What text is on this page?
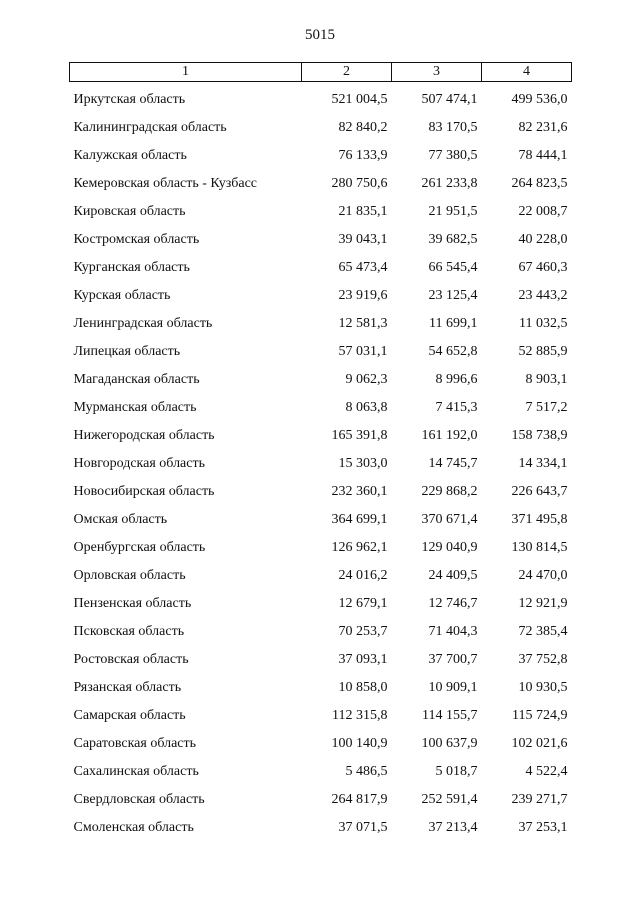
5015
1	2	3	4
Иркутская область	521 004,5	507 474,1	499 536,0
Калининградская область	82 840,2	83 170,5	82 231,6
Калужская область	76 133,9	77 380,5	78 444,1
Кемеровская область - Кузбасс	280 750,6	261 233,8	264 823,5
Кировская область	21 835,1	21 951,5	22 008,7
Костромская область	39 043,1	39 682,5	40 228,0
Курганская область	65 473,4	66 545,4	67 460,3
Курская область	23 919,6	23 125,4	23 443,2
Ленинградская область	12 581,3	11 699,1	11 032,5
Липецкая область	57 031,1	54 652,8	52 885,9
Магаданская область	9 062,3	8 996,6	8 903,1
Мурманская область	8 063,8	7 415,3	7 517,2
Нижегородская область	165 391,8	161 192,0	158 738,9
Новгородская область	15 303,0	14 745,7	14 334,1
Новосибирская область	232 360,1	229 868,2	226 643,7
Омская область	364 699,1	370 671,4	371 495,8
Оренбургская область	126 962,1	129 040,9	130 814,5
Орловская область	24 016,2	24 409,5	24 470,0
Пензенская область	12 679,1	12 746,7	12 921,9
Псковская область	70 253,7	71 404,3	72 385,4
Ростовская область	37 093,1	37 700,7	37 752,8
Рязанская область	10 858,0	10 909,1	10 930,5
Самарская область	112 315,8	114 155,7	115 724,9
Саратовская область	100 140,9	100 637,9	102 021,6
Сахалинская область	5 486,5	5 018,7	4 522,4
Свердловская область	264 817,9	252 591,4	239 271,7
Смоленская область	37 071,5	37 213,4	37 253,1
